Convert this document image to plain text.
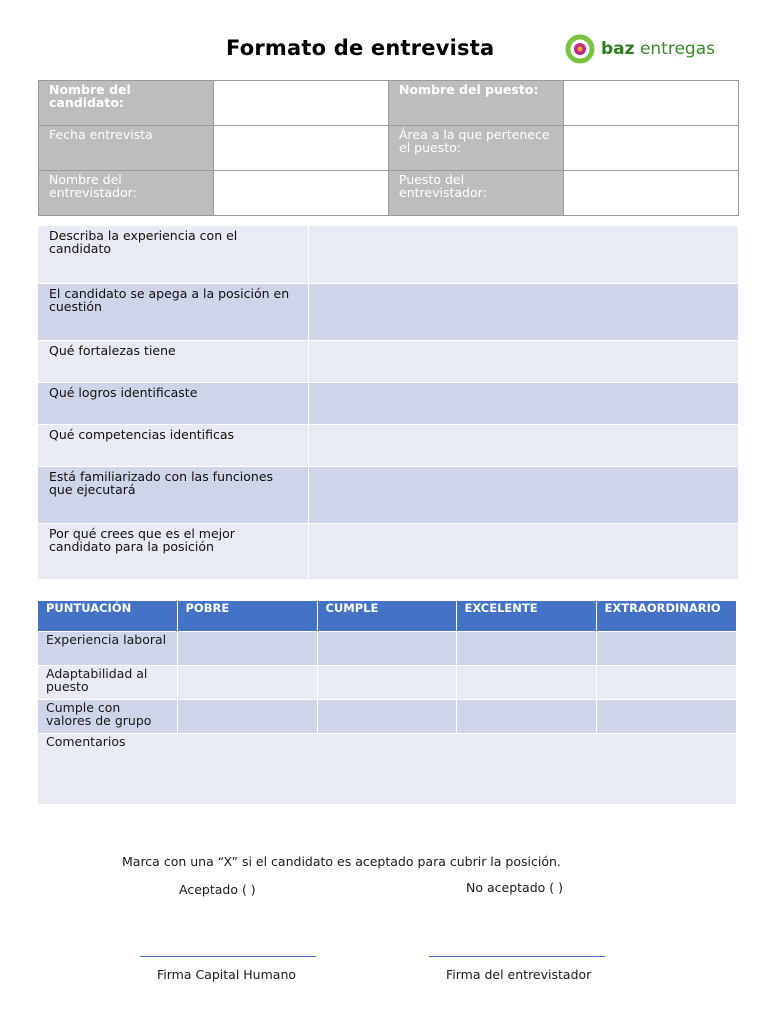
Formato de entrevista	baz entregas
Nombre del candidato:		Nombre del puesto:	
Fecha entrevista		Área a la que pertenece el puesto:	
Nombre del entrevistador:		Puesto del entrevistador:	
Describa la experiencia con el candidato	
El candidato se apega a la posición en cuestión	
Qué fortalezas tiene	
Qué logros identificaste	
Qué competencias identificas	
Está familiarizado con las funciones que ejecutará	
Por qué crees que es el mejor candidato para la posición	
PUNTUACIÓN	POBRE	CUMPLE	EXCELENTE	EXTRAORDINARIO
Experiencia laboral				
Adaptabilidad al puesto				
Cumple con valores de grupo				
Comentarios				
Marca con una “X” si el candidato es aceptado para cubrir la posición.
Aceptado ( )	No aceptado ( )
Firma Capital Humano	Firma del entrevistador
